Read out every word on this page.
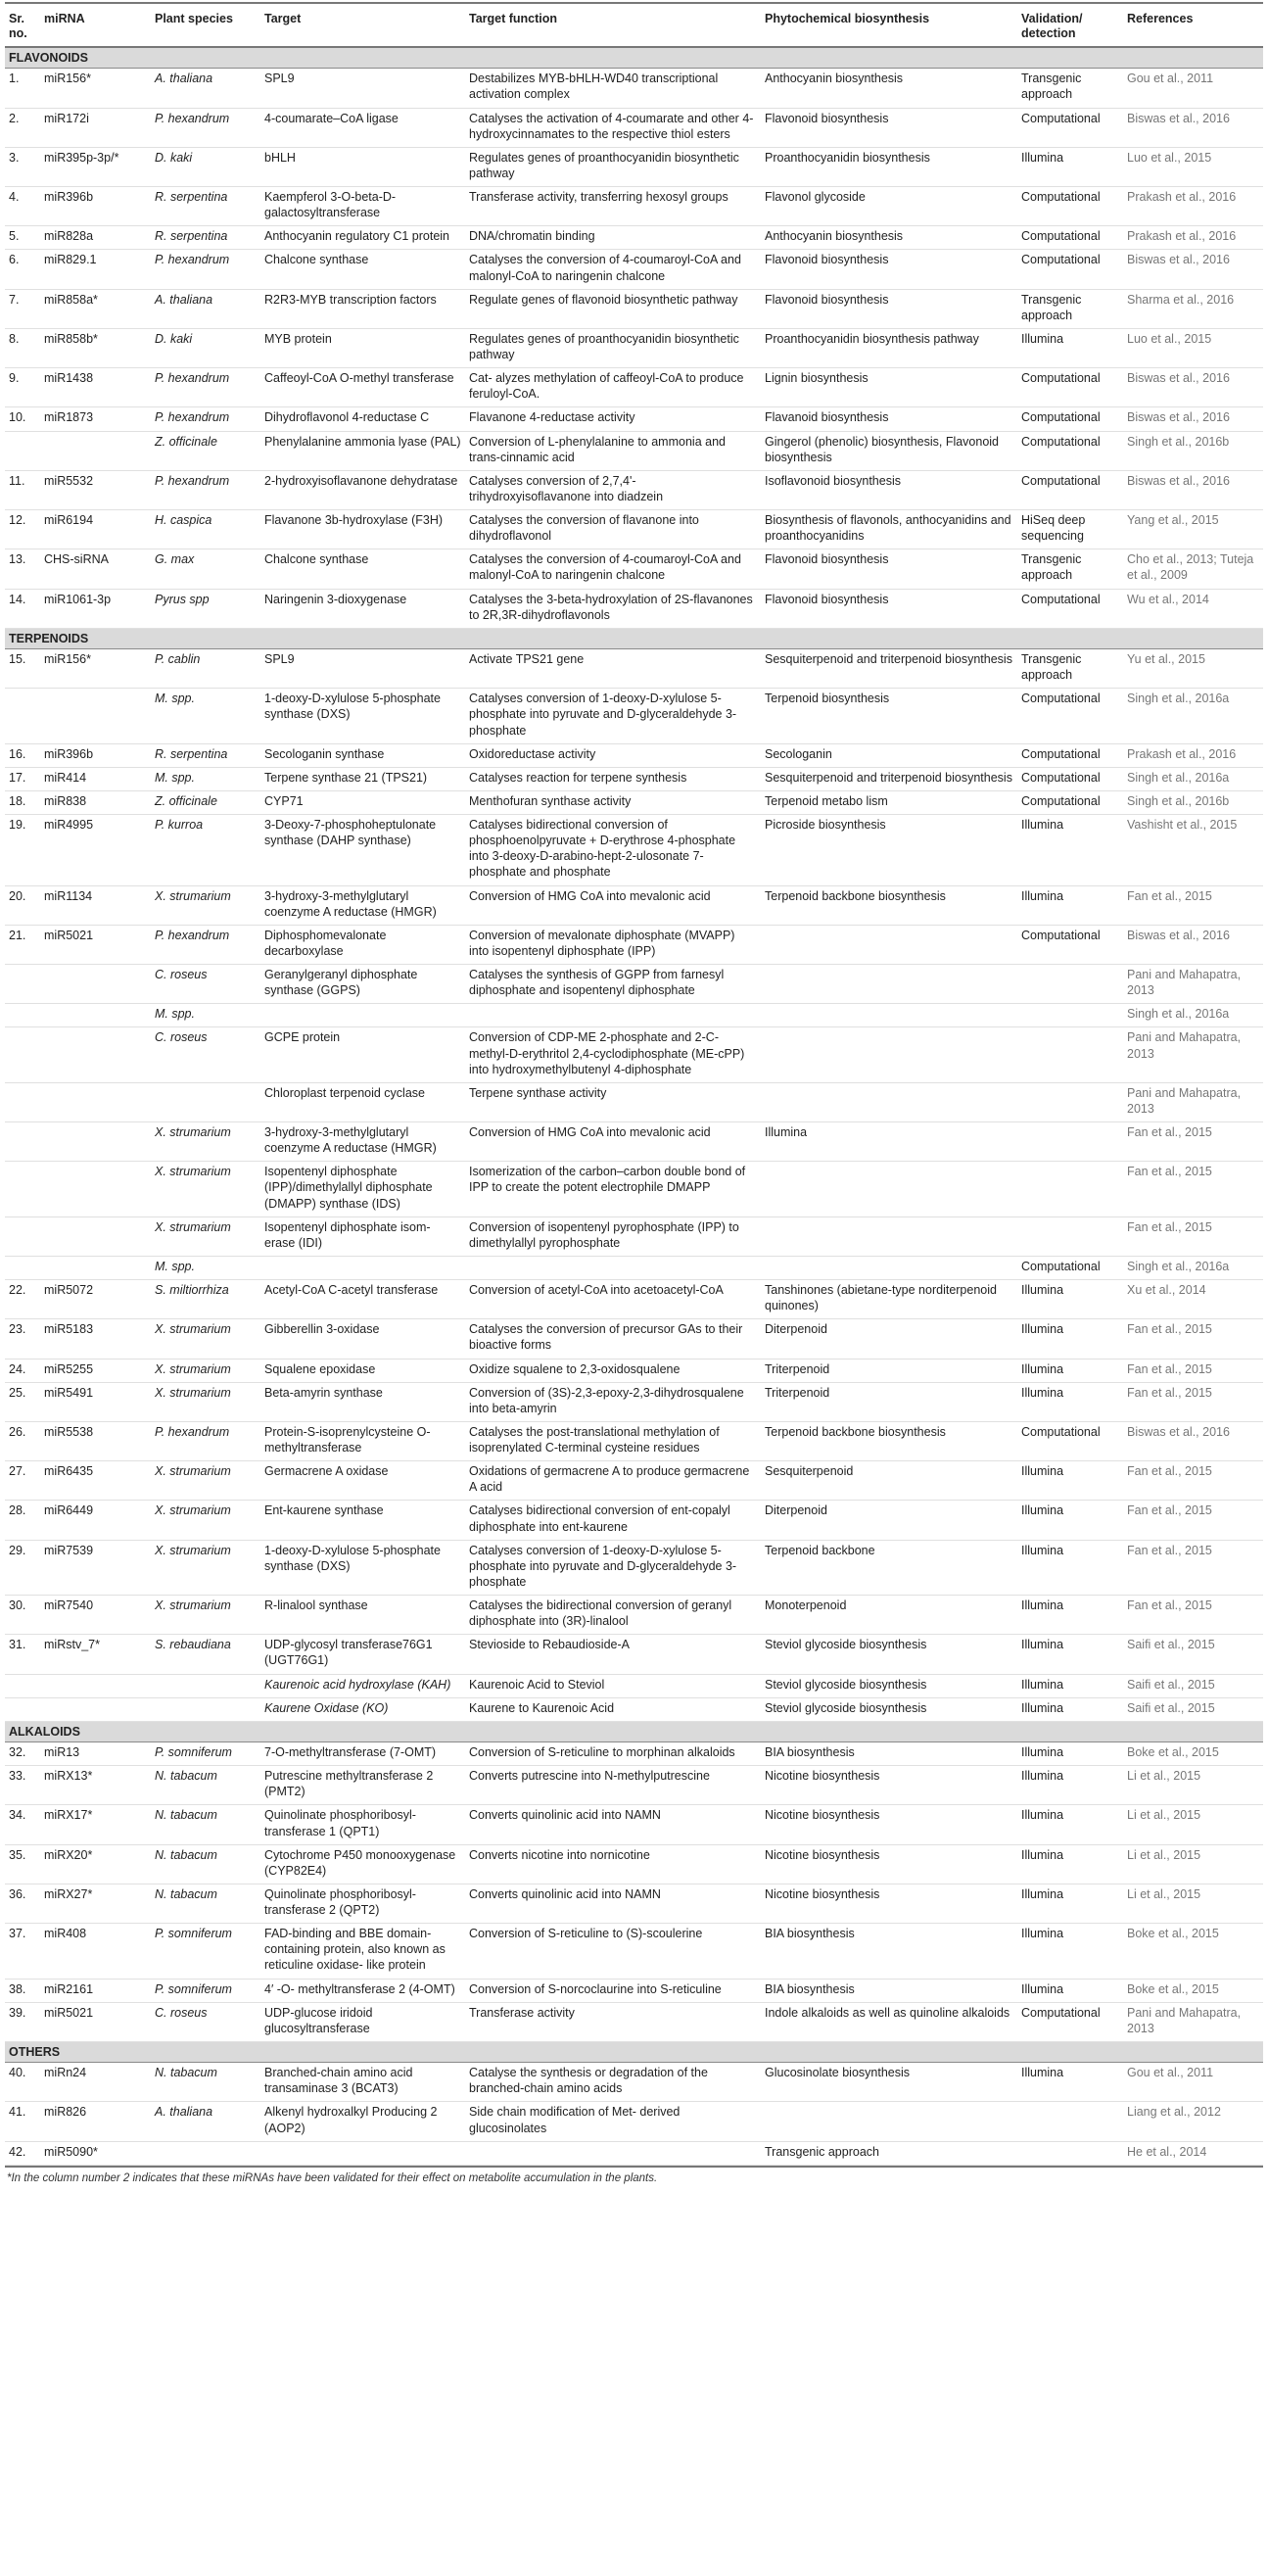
Sr. no.	miRNA	Plant species	Target	Target function	Phytochemical biosynthesis	Validation/ detection	References
FLAVONOIDS							
1.	miR156*	A. thaliana	SPL9	Destabilizes MYB-bHLH-WD40 transcriptional activation complex	Anthocyanin biosynthesis	Transgenic approach	Gou et al., 2011
2.	miR172i	P. hexandrum	4-coumarate–CoA ligase	Catalyses the activation of 4-coumarate and other 4-hydroxycinnamates to the respective thiol esters	Flavonoid biosynthesis	Computational	Biswas et al., 2016
3.	miR395p-3p/*	D. kaki	bHLH	Regulates genes of proanthocyanidin biosynthetic pathway	Proanthocyanidin biosynthesis	Illumina	Luo et al., 2015
4.	miR396b	R. serpentina	Kaempferol 3-O-beta-D-galactosyltransferase	Transferase activity, transferring hexosyl groups	Flavonol glycoside	Computational	Prakash et al., 2016
5.	miR828a	R. serpentina	Anthocyanin regulatory C1 protein	DNA/chromatin binding	Anthocyanin biosynthesis	Computational	Prakash et al., 2016
6.	miR829.1	P. hexandrum	Chalcone synthase	Catalyses the conversion of 4-coumaroyl-CoA and malonyl-CoA to naringenin chalcone	Flavonoid biosynthesis	Computational	Biswas et al., 2016
7.	miR858a*	A. thaliana	R2R3-MYB transcription factors	Regulate genes of flavonoid biosynthetic pathway	Flavonoid biosynthesis	Transgenic approach	Sharma et al., 2016
8.	miR858b*	D. kaki	MYB protein	Regulates genes of proanthocyanidin biosynthetic pathway	Proanthocyanidin biosynthesis pathway	Illumina	Luo et al., 2015
9.	miR1438	P. hexandrum	Caffeoyl-CoA O-methyl transferase	Cat- alyzes methylation of caffeoyl-CoA to produce feruloyl-CoA.	Lignin biosynthesis	Computational	Biswas et al., 2016
10.	miR1873	P. hexandrum	Dihydroflavonol 4-reductase C	Flavanone 4-reductase activity	Flavanoid biosynthesis	Computational	Biswas et al., 2016
		Z. officinale	Phenylalanine ammonia lyase (PAL)	Conversion of L-phenylalanine to ammonia and trans-cinnamic acid	Gingerol (phenolic) biosynthesis, Flavonoid biosynthesis	Computational	Singh et al., 2016b
11.	miR5532	P. hexandrum	2-hydroxyisoflavanone dehydratase	Catalyses conversion of 2,7,4'-trihydroxyisoflavanone into diadzein	Isoflavonoid biosynthesis	Computational	Biswas et al., 2016
12.	miR6194	H. caspica	Flavanone 3b-hydroxylase (F3H)	Catalyses the conversion of flavanone into dihydroflavonol	Biosynthesis of flavonols, anthocyanidins and proanthocyanidins	HiSeq deep sequencing	Yang et al., 2015
13.	CHS-siRNA	G. max	Chalcone synthase	Catalyses the conversion of 4-coumaroyl-CoA and malonyl-CoA to naringenin chalcone	Flavonoid biosynthesis	Transgenic approach	Cho et al., 2013; Tuteja et al., 2009
14.	miR1061-3p	Pyrus spp	Naringenin 3-dioxygenase	Catalyses the 3-beta-hydroxylation of 2S-flavanones to 2R,3R-dihydroflavonols	Flavonoid biosynthesis	Computational	Wu et al., 2014
TERPENOIDS							
15.	miR156*	P. cablin	SPL9	Activate TPS21 gene	Sesquiterpenoid and triterpenoid biosynthesis	Transgenic approach	Yu et al., 2015
		M. spp.	1-deoxy-D-xylulose 5-phosphate synthase (DXS)	Catalyses conversion of 1-deoxy-D-xylulose 5-phosphate into pyruvate and D-glyceraldehyde 3-phosphate	Terpenoid biosynthesis	Computational	Singh et al., 2016a
16.	miR396b	R. serpentina	Secologanin synthase	Oxidoreductase activity	Secologanin	Computational	Prakash et al., 2016
17.	miR414	M. spp.	Terpene synthase 21 (TPS21)	Catalyses reaction for terpene synthesis	Sesquiterpenoid and triterpenoid biosynthesis	Computational	Singh et al., 2016a
18.	miR838	Z. officinale	CYP71	Menthofuran synthase activity	Terpenoid metabo lism	Computational	Singh et al., 2016b
19.	miR4995	P. kurroa	3-Deoxy-7-phosphoheptulonate synthase (DAHP synthase)	Catalyses bidirectional conversion of phosphoenolpyruvate + D-erythrose 4-phosphate into 3-deoxy-D-arabino-hept-2-ulosonate 7-phosphate and phosphate	Picroside biosynthesis	Illumina	Vashisht et al., 2015
20.	miR1134	X. strumarium	3-hydroxy-3-methylglutaryl coenzyme A reductase (HMGR)	Conversion of HMG CoA into mevalonic acid	Terpenoid backbone biosynthesis	Illumina	Fan et al., 2015
21.	miR5021	P. hexandrum	Diphosphomevalonate decarboxylase	Conversion of mevalonate diphosphate (MVAPP) into isopentenyl diphosphate (IPP)		Computational	Biswas et al., 2016
		C. roseus	Geranylgeranyl diphosphate synthase (GGPS)	Catalyses the synthesis of GGPP from farnesyl diphosphate and isopentenyl diphosphate			Pani and Mahapatra, 2013
		M. spp.					Singh et al., 2016a
		C. roseus	GCPE protein	Conversion of CDP-ME 2-phosphate and 2-C-methyl-D-erythritol 2,4-cyclodiphosphate (ME-cPP) into hydroxymethylbutenyl 4-diphosphate			Pani and Mahapatra, 2013
			Chloroplast terpenoid cyclase	Terpene synthase activity			Pani and Mahapatra, 2013
		X. strumarium	3-hydroxy-3-methylglutaryl coenzyme A reductase (HMGR)	Conversion of HMG CoA into mevalonic acid	Illumina		Fan et al., 2015
		X. strumarium	Isopentenyl diphosphate (IPP)/dimethylallyl diphosphate (DMAPP) synthase (IDS)	Isomerization of the carbon–carbon double bond of IPP to create the potent electrophile DMAPP			Fan et al., 2015
		X. strumarium	Isopentenyl diphosphate isom- erase (IDI)	Conversion of isopentenyl pyrophosphate (IPP) to dimethylallyl pyrophosphate			Fan et al., 2015
		M. spp.				Computational	Singh et al., 2016a
22.	miR5072	S. miltiorrhiza	Acetyl-CoA C-acetyl transferase	Conversion of acetyl-CoA into acetoacetyl-CoA	Tanshinones (abietane-type norditerpenoid quinones)	Illumina	Xu et al., 2014
23.	miR5183	X. strumarium	Gibberellin 3-oxidase	Catalyses the conversion of precursor GAs to their bioactive forms	Diterpenoid	Illumina	Fan et al., 2015
24.	miR5255	X. strumarium	Squalene epoxidase	Oxidize squalene to 2,3-oxidosqualene	Triterpenoid	Illumina	Fan et al., 2015
25.	miR5491	X. strumarium	Beta-amyrin synthase	Conversion of (3S)-2,3-epoxy-2,3-dihydrosqualene into beta-amyrin	Triterpenoid	Illumina	Fan et al., 2015
26.	miR5538	P. hexandrum	Protein-S-isoprenylcysteine O-methyltransferase	Catalyses the post-translational methylation of isoprenylated C-terminal cysteine residues	Terpenoid backbone biosynthesis	Computational	Biswas et al., 2016
27.	miR6435	X. strumarium	Germacrene A oxidase	Oxidations of germacrene A to produce germacrene A acid	Sesquiterpenoid	Illumina	Fan et al., 2015
28.	miR6449	X. strumarium	Ent-kaurene synthase	Catalyses bidirectional conversion of ent-copalyl diphosphate into ent-kaurene	Diterpenoid	Illumina	Fan et al., 2015
29.	miR7539	X. strumarium	1-deoxy-D-xylulose 5-phosphate synthase (DXS)	Catalyses conversion of 1-deoxy-D-xylulose 5-phosphate into pyruvate and D-glyceraldehyde 3-phosphate	Terpenoid backbone	Illumina	Fan et al., 2015
30.	miR7540	X. strumarium	R-linalool synthase	Catalyses the bidirectional conversion of geranyl diphosphate into (3R)-linalool	Monoterpenoid	Illumina	Fan et al., 2015
31.	miRstv_7*	S. rebaudiana	UDP-glycosyl transferase76G1 (UGT76G1)	Stevioside to Rebaudioside-A	Steviol glycoside biosynthesis	Illumina	Saifi et al., 2015
			Kaurenoic acid hydroxylase (KAH)	Kaurenoic Acid to Steviol	Steviol glycoside biosynthesis	Illumina	Saifi et al., 2015
			Kaurene Oxidase (KO)	Kaurene to Kaurenoic Acid	Steviol glycoside biosynthesis	Illumina	Saifi et al., 2015
ALKALOIDS							
32.	miR13	P. somniferum	7-O-methyltransferase (7-OMT)	Conversion of S-reticuline to morphinan alkaloids	BIA biosynthesis	Illumina	Boke et al., 2015
33.	miRX13*	N. tabacum	Putrescine methyltransferase 2 (PMT2)	Converts putrescine into N-methylputrescine	Nicotine biosynthesis	Illumina	Li et al., 2015
34.	miRX17*	N. tabacum	Quinolinate phosphoribosyl-transferase 1 (QPT1)	Converts quinolinic acid into NAMN	Nicotine biosynthesis	Illumina	Li et al., 2015
35.	miRX20*	N. tabacum	Cytochrome P450 monooxygenase (CYP82E4)	Converts nicotine into nornicotine	Nicotine biosynthesis	Illumina	Li et al., 2015
36.	miRX27*	N. tabacum	Quinolinate phosphoribosyl-transferase 2 (QPT2)	Converts quinolinic acid into NAMN	Nicotine biosynthesis	Illumina	Li et al., 2015
37.	miR408	P. somniferum	FAD-binding and BBE domain-containing protein, also known as reticuline oxidase- like protein	Conversion of S-reticuline to (S)-scoulerine	BIA biosynthesis	Illumina	Boke et al., 2015
38.	miR2161	P. somniferum	4′ -O- methyltransferase 2 (4-OMT)	Conversion of S-norcoclaurine into S-reticuline	BIA biosynthesis	Illumina	Boke et al., 2015
39.	miR5021	C. roseus	UDP-glucose iridoid glucosyltransferase	Transferase activity	Indole alkaloids as well as quinoline alkaloids	Computational	Pani and Mahapatra, 2013
OTHERS							
40.	miRn24	N. tabacum	Branched-chain amino acid transaminase 3 (BCAT3)	Catalyse the synthesis or degradation of the branched-chain amino acids	Glucosinolate biosynthesis	Illumina	Gou et al., 2011
41.	miR826	A. thaliana	Alkenyl hydroxalkyl Producing 2 (AOP2)	Side chain modification of Met- derived glucosinolates			Liang et al., 2012
42.	miR5090*				Transgenic approach		He et al., 2014
*In the column number 2 indicates that these miRNAs have been validated for their effect on metabolite accumulation in the plants.
